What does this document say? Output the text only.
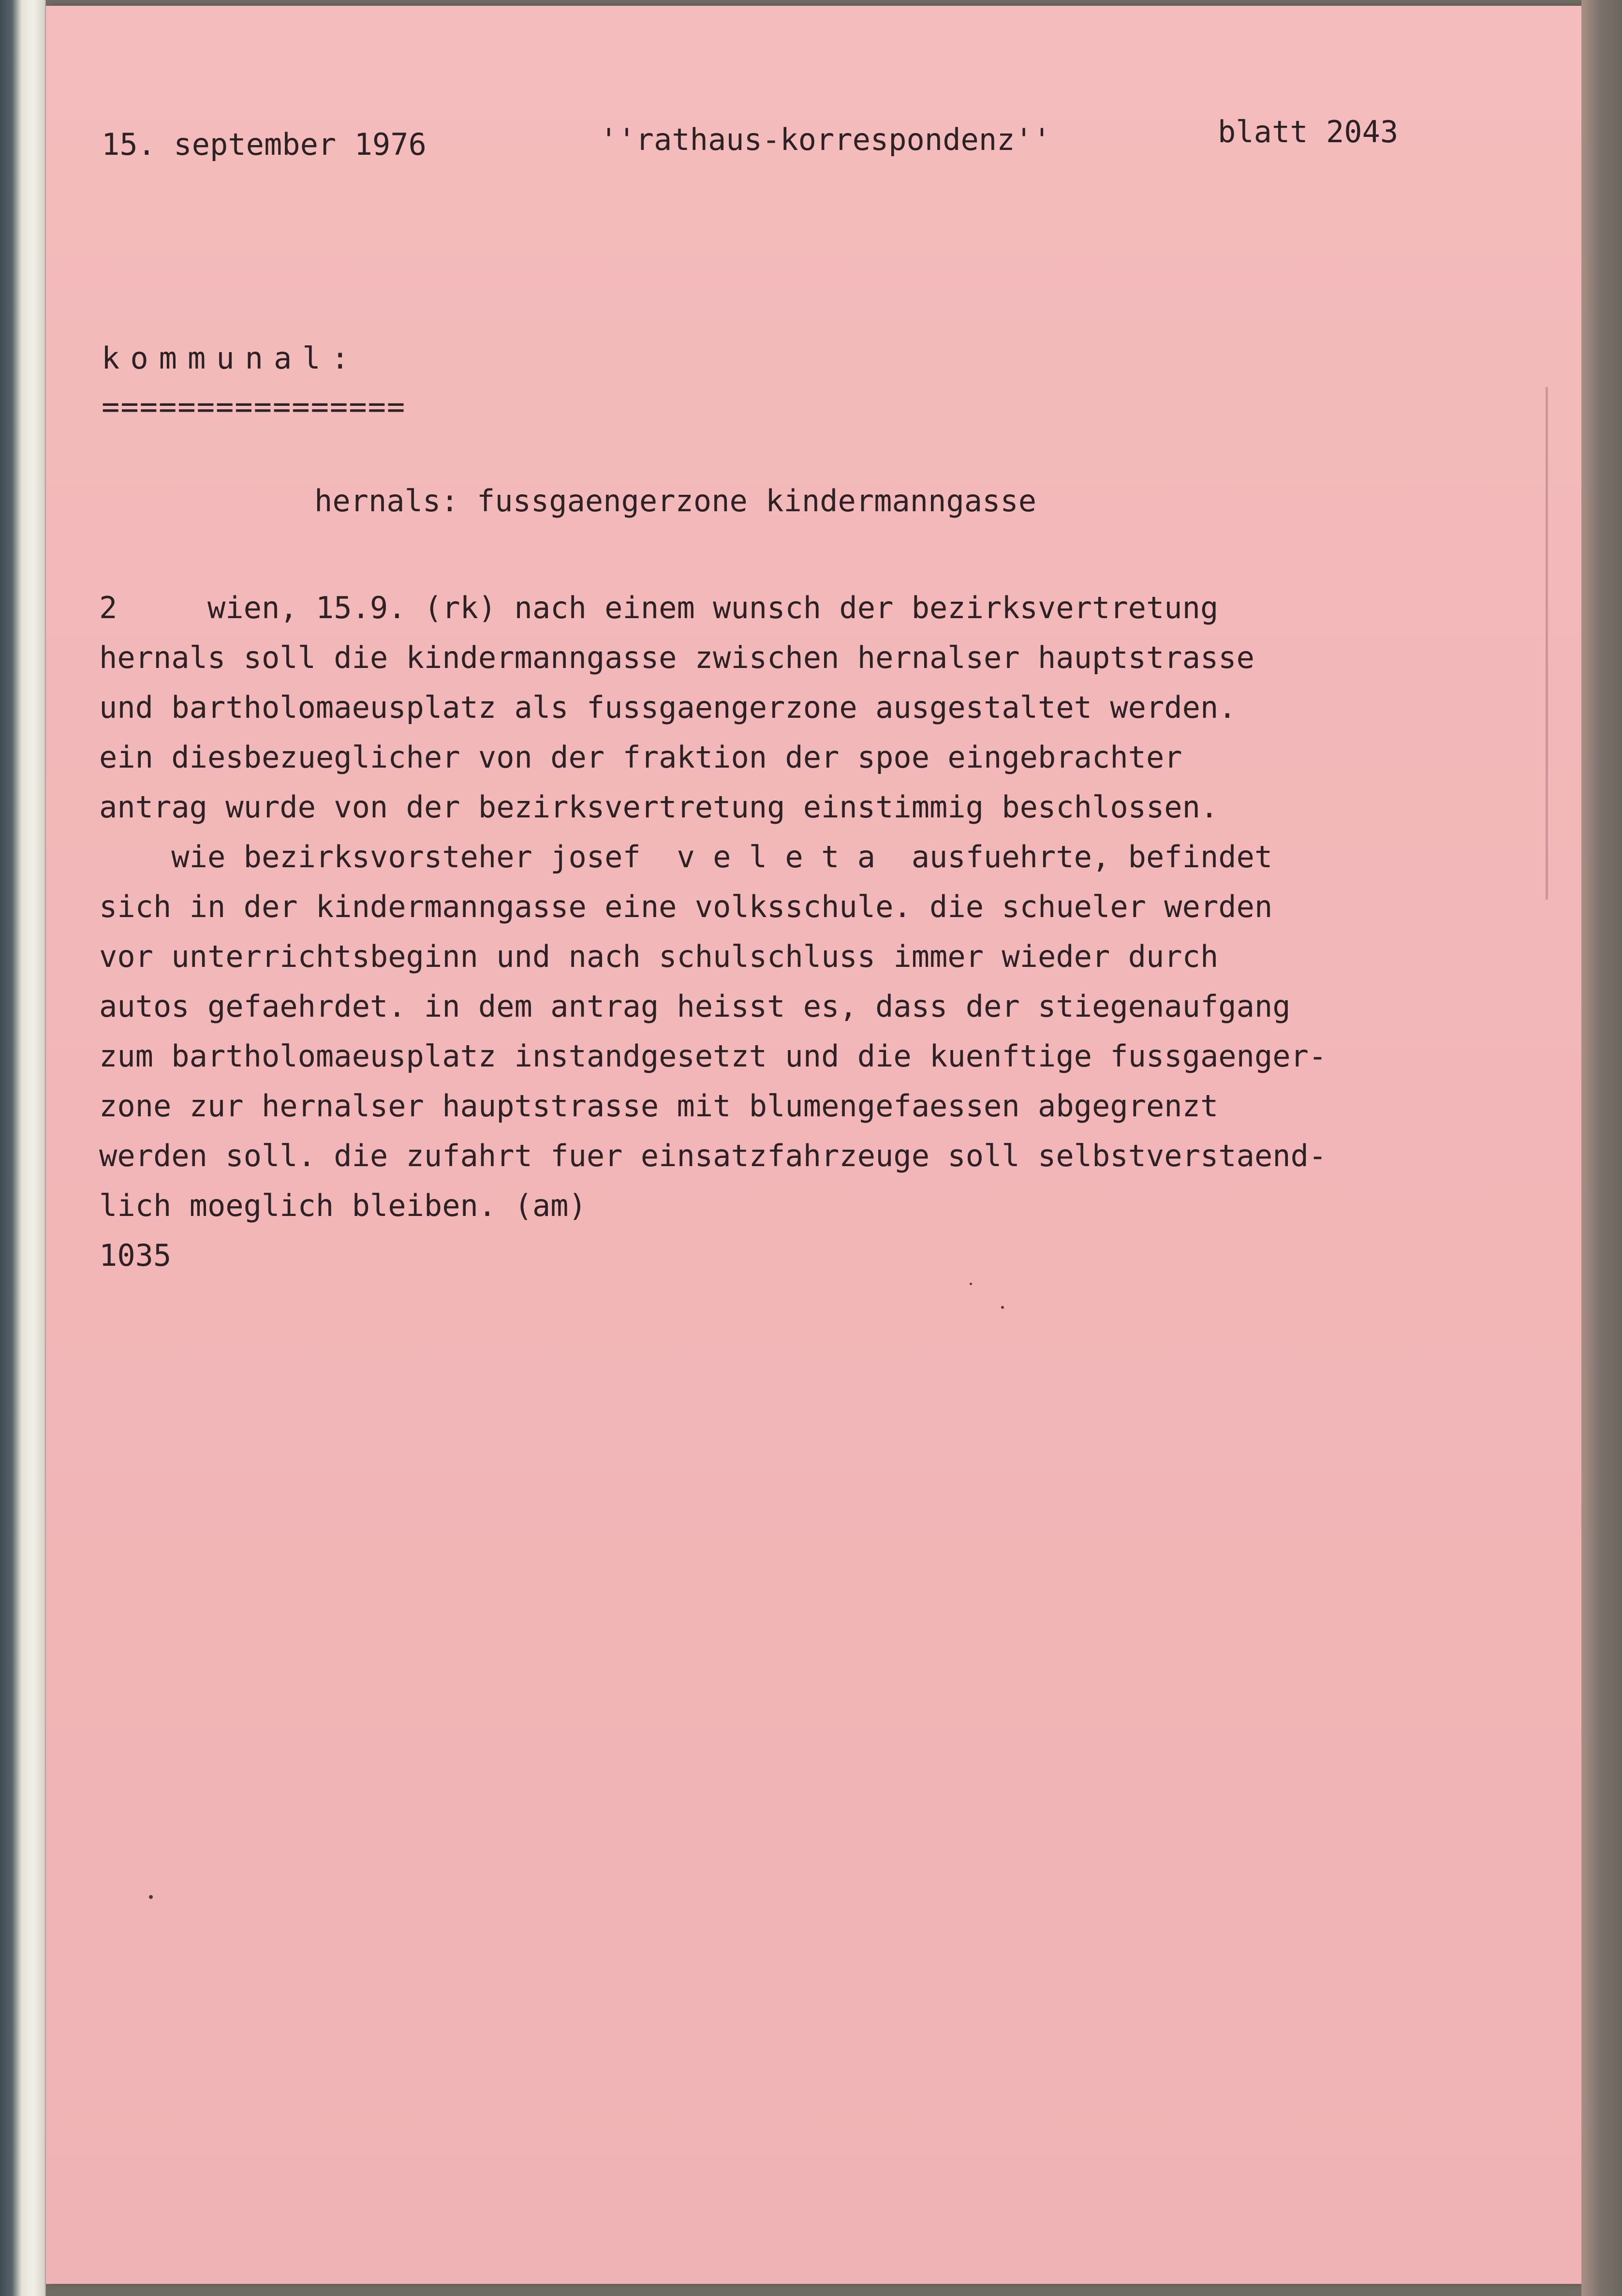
15. september 1976	''rathaus-korrespondenz''	blatt 2043
kommunal:
================
hernals: fussgaengerzone kindermanngasse
2     wien, 15.9. (rk) nach einem wunsch der bezirksvertretung
hernals soll die kindermanngasse zwischen hernalser hauptstrasse
und bartholomaeusplatz als fussgaengerzone ausgestaltet werden.
ein diesbezueglicher von der fraktion der spoe eingebrachter
antrag wurde von der bezirksvertretung einstimmig beschlossen.
wie bezirksvorsteher josef  v e l e t a  ausfuehrte, befindet
sich in der kindermanngasse eine volksschule. die schueler werden
vor unterrichtsbeginn und nach schulschluss immer wieder durch
autos gefaehrdet. in dem antrag heisst es, dass der stiegenaufgang
zum bartholomaeusplatz instandgesetzt und die kuenftige fussgaenger-
zone zur hernalser hauptstrasse mit blumengefaessen abgegrenzt
werden soll. die zufahrt fuer einsatzfahrzeuge soll selbstverstaend-
lich moeglich bleiben. (am)
1035
